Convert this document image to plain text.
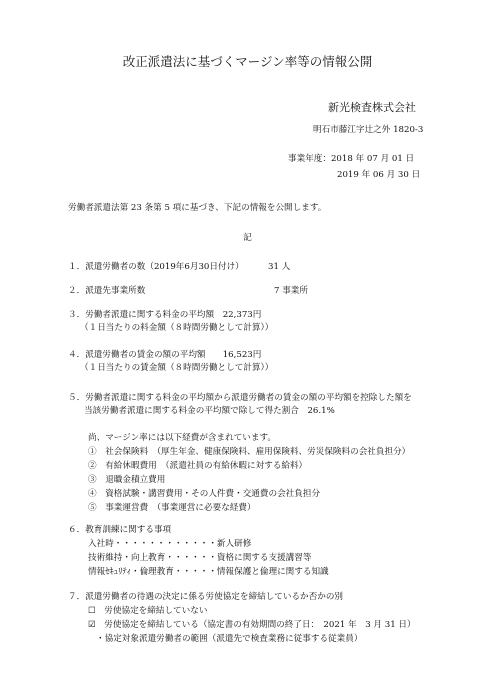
改正派遣法に基づくマージン率等の情報公開
新光検査株式会社
明石市藤江字辻之外 1820-3
事業年度：2018 年 07 月 01 日
2019 年 06 月 30 日
労働者派遣法第 23 条第 5 項に基づき、下記の情報を公開します。
記
１．派遣労働者の数（2019年6月30日付け）	31 人
２．派遣先事業所数	7 事業所
３．労働者派遣に関する料金の平均額　22,373円
（１日当たりの料金額（８時間労働として計算））
４．派遣労働者の賃金の額の平均額　　16,523円
（１日当たりの賃金額（８時間労働として計算））
５．労働者派遣に関する料金の平均額から派遣労働者の賃金の額の平均額を控除した額を
当該労働者派遣に関する料金の平均額で除して得た割合　26.1%
尚、マージン率には以下経費が含まれています。
①　社会保険料　（厚生年金、健康保険料、雇用保険料、労災保険料の会社負担分）
②　有給休暇費用　（派遣社員の有給休暇に対する給料）
③　退職金積立費用
④　資格試験・講習費用・その人件費・交通費の会社負担分
⑤　事業運営費　（事業運営に必要な経費）
６．教育訓練に関する事項
入社時・・・・・・・・・・・・新人研修
技術維持・向上教育・・・・・・資格に関する支援講習等
情報ｾｷｭﾘﾃｨ・倫理教育・・・・・情報保護と倫理に関する知識
７．派遣労働者の待遇の決定に係る労使協定を締結しているか否かの別
☐　労使協定を締結していない
☑　労使協定を締結している（協定書の有効期間の終了日：　2021 年　3 月 31 日）
・協定対象派遣労働者の範囲（派遣先で検査業務に従事する従業員）
